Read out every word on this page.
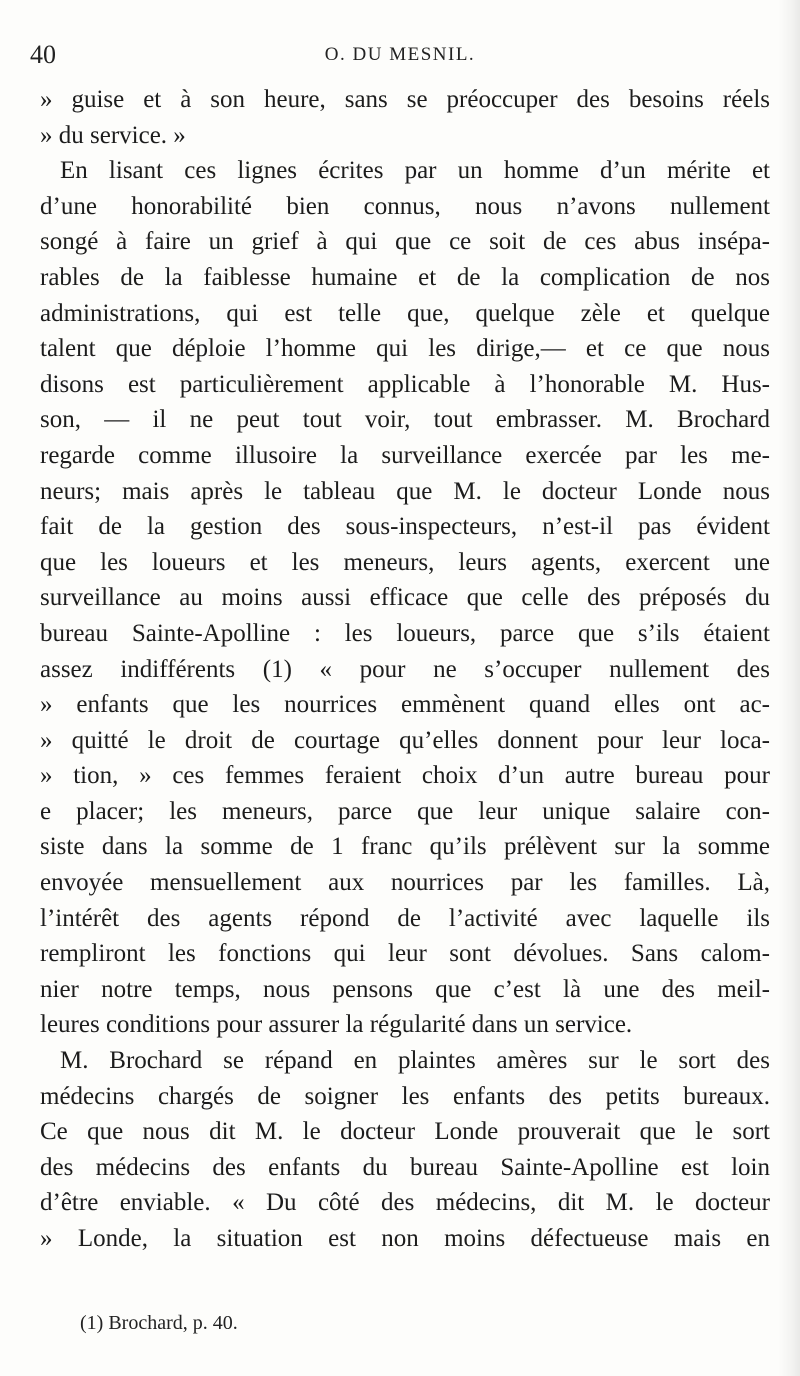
40	O. DU MESNIL.
» guise et à son heure, sans se préoccuper des besoins réels
» du service. »
En lisant ces lignes écrites par un homme d’un mérite et
d’une honorabilité bien connus, nous n’avons nullement
songé à faire un grief à qui que ce soit de ces abus insépa-
rables de la faiblesse humaine et de la complication de nos
administrations, qui est telle que, quelque zèle et quelque
talent que déploie l’homme qui les dirige,— et ce que nous
disons est particulièrement applicable à l’honorable M. Hus-
son, — il ne peut tout voir, tout embrasser. M. Brochard
regarde comme illusoire la surveillance exercée par les me-
neurs; mais après le tableau que M. le docteur Londe nous
fait de la gestion des sous-inspecteurs, n’est-il pas évident
que les loueurs et les meneurs, leurs agents, exercent une
surveillance au moins aussi efficace que celle des préposés du
bureau Sainte-Apolline : les loueurs, parce que s’ils étaient
assez indifférents (1) « pour ne s’occuper nullement des
» enfants que les nourrices emmènent quand elles ont ac-
» quitté le droit de courtage qu’elles donnent pour leur loca-
» tion, » ces femmes feraient choix d’un autre bureau pour
e placer; les meneurs, parce que leur unique salaire con-
siste dans la somme de 1 franc qu’ils prélèvent sur la somme
envoyée mensuellement aux nourrices par les familles. Là,
l’intérêt des agents répond de l’activité avec laquelle ils
rempliront les fonctions qui leur sont dévolues. Sans calom-
nier notre temps, nous pensons que c’est là une des meil-
leures conditions pour assurer la régularité dans un service.
M. Brochard se répand en plaintes amères sur le sort des
médecins chargés de soigner les enfants des petits bureaux.
Ce que nous dit M. le docteur Londe prouverait que le sort
des médecins des enfants du bureau Sainte-Apolline est loin
d’être enviable. « Du côté des médecins, dit M. le docteur
» Londe, la situation est non moins défectueuse mais en
(1) Brochard, p. 40.
